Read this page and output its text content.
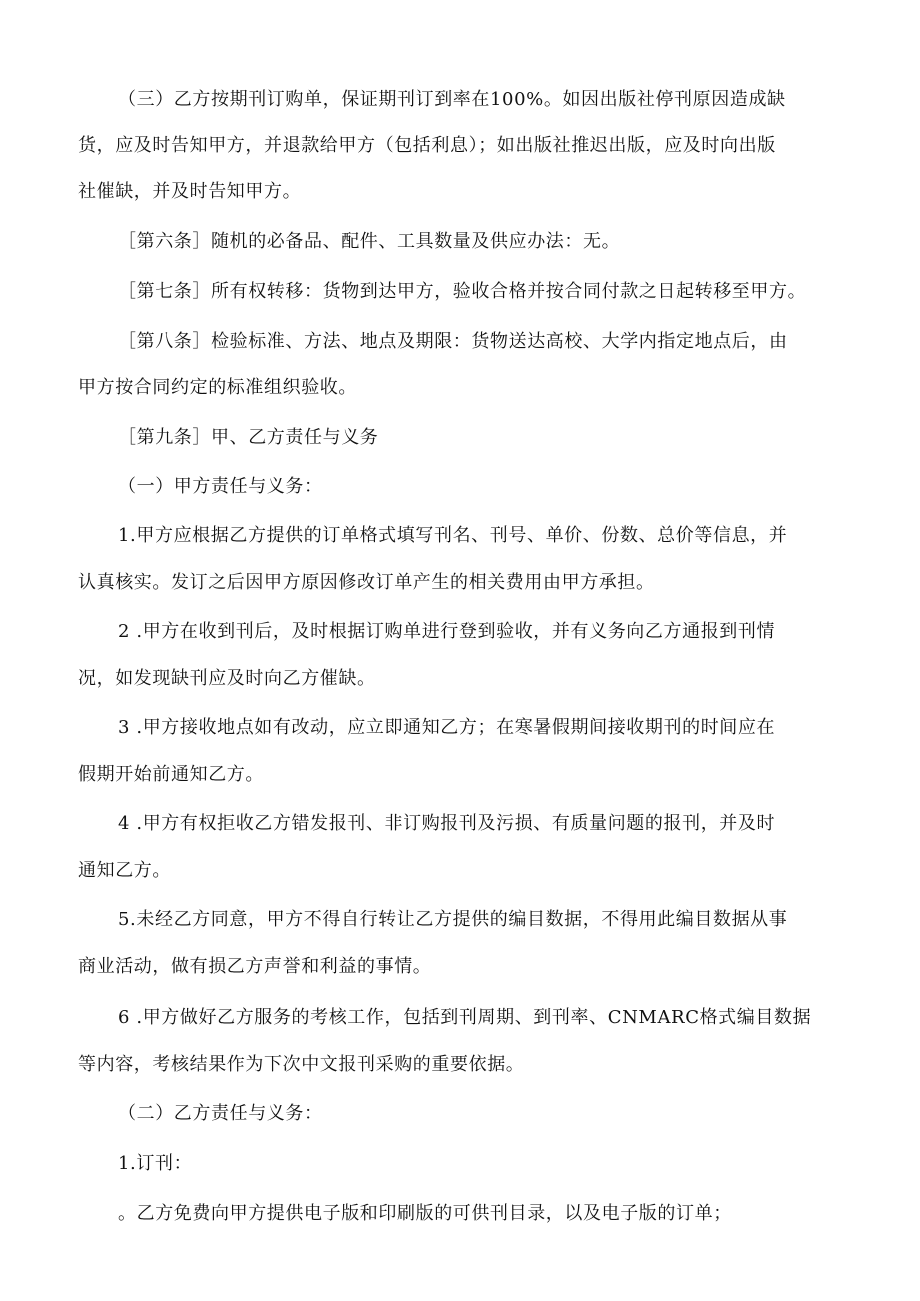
（三）乙方按期刊订购单，保证期刊订到率在100%。如因出版社停刊原因造成缺
货，应及时告知甲方，并退款给甲方（包括利息）；如出版社推迟出版，应及时向出版
社催缺，并及时告知甲方。
［第六条］随机的必备品、配件、工具数量及供应办法：无。
［第七条］所有权转移：货物到达甲方，验收合格并按合同付款之日起转移至甲方。
［第八条］检验标准、方法、地点及期限：货物送达高校、大学内指定地点后，由
甲方按合同约定的标准组织验收。
［第九条］甲、乙方责任与义务
（一）甲方责任与义务：
1.甲方应根据乙方提供的订单格式填写刊名、刊号、单价、份数、总价等信息，并
认真核实。发订之后因甲方原因修改订单产生的相关费用由甲方承担。
2 .甲方在收到刊后，及时根据订购单进行登到验收，并有义务向乙方通报到刊情
况，如发现缺刊应及时向乙方催缺。
3 .甲方接收地点如有改动，应立即通知乙方；在寒暑假期间接收期刊的时间应在
假期开始前通知乙方。
4 .甲方有权拒收乙方错发报刊、非订购报刊及污损、有质量问题的报刊，并及时
通知乙方。
5.未经乙方同意，甲方不得自行转让乙方提供的编目数据，不得用此编目数据从事
商业活动，做有损乙方声誉和利益的事情。
6 .甲方做好乙方服务的考核工作，包括到刊周期、到刊率、CNMARC格式编目数据
等内容，考核结果作为下次中文报刊采购的重要依据。
（二）乙方责任与义务：
1.订刊：
。乙方免费向甲方提供电子版和印刷版的可供刊目录，以及电子版的订单；
